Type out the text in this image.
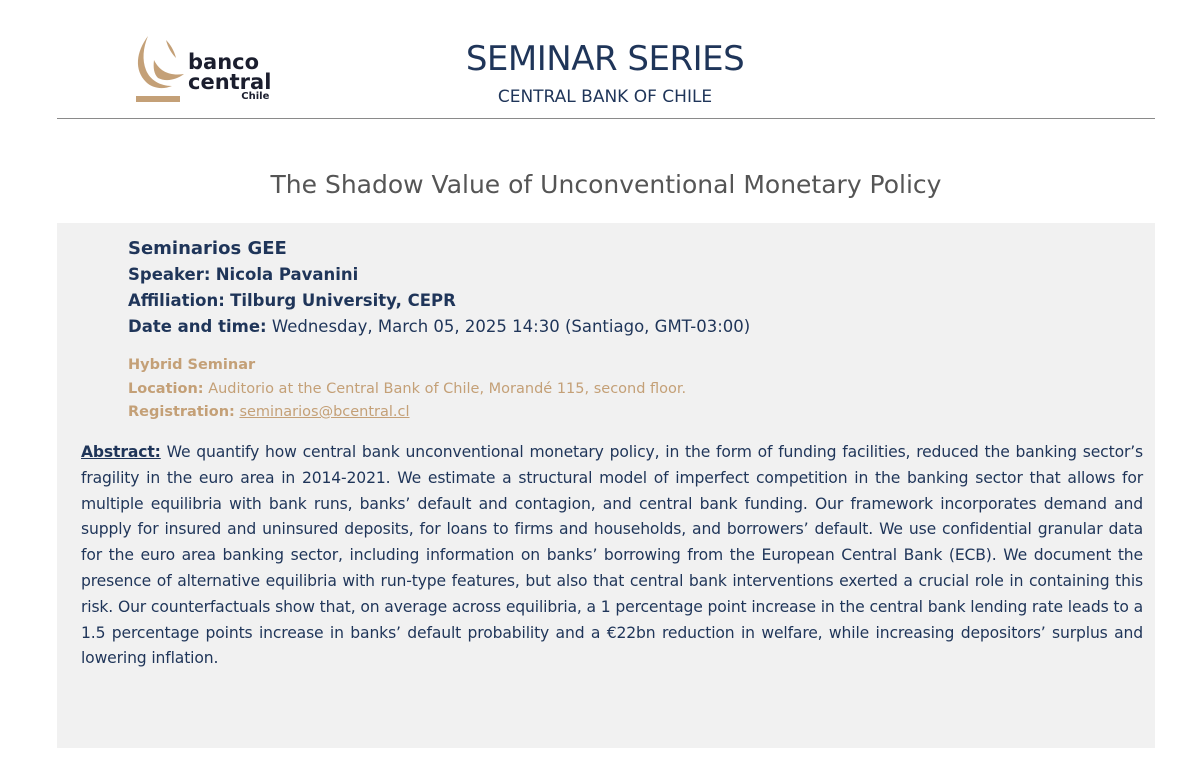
banco
central
Chile
SEMINAR SERIES
CENTRAL BANK OF CHILE
The Shadow Value of Unconventional Monetary Policy
Seminarios GEE
Speaker: Nicola Pavanini
Affiliation: Tilburg University, CEPR
Date and time: Wednesday, March 05, 2025 14:30 (Santiago, GMT-03:00)
Hybrid Seminar
Location: Auditorio at the Central Bank of Chile, Morandé 115, second floor.
Registration: seminarios@bcentral.cl

Abstract: We quantify how central bank unconventional monetary policy, in the form of funding facilities, reduced the banking sector’s fragility in the euro area in 2014-2021. We estimate a structural model of imperfect competition in the banking sector that allows for multiple equilibria with bank runs, banks’ default and contagion, and central bank funding. Our framework incorporates demand and supply for insured and uninsured deposits, for loans to firms and households, and borrowers’ default. We use confidential granular data for the euro area banking sector, including information on banks’ borrowing from the European Central Bank (ECB). We document the presence of alternative equilibria with run-type features, but also that central bank interventions exerted a crucial role in containing this risk. Our counterfactuals show that, on average across equilibria, a 1 percentage point increase in the central bank lending rate leads to a 1.5 percentage points increase in banks’ default probability and a €22bn reduction in welfare, while increasing depositors’ surplus and lowering inflation.
